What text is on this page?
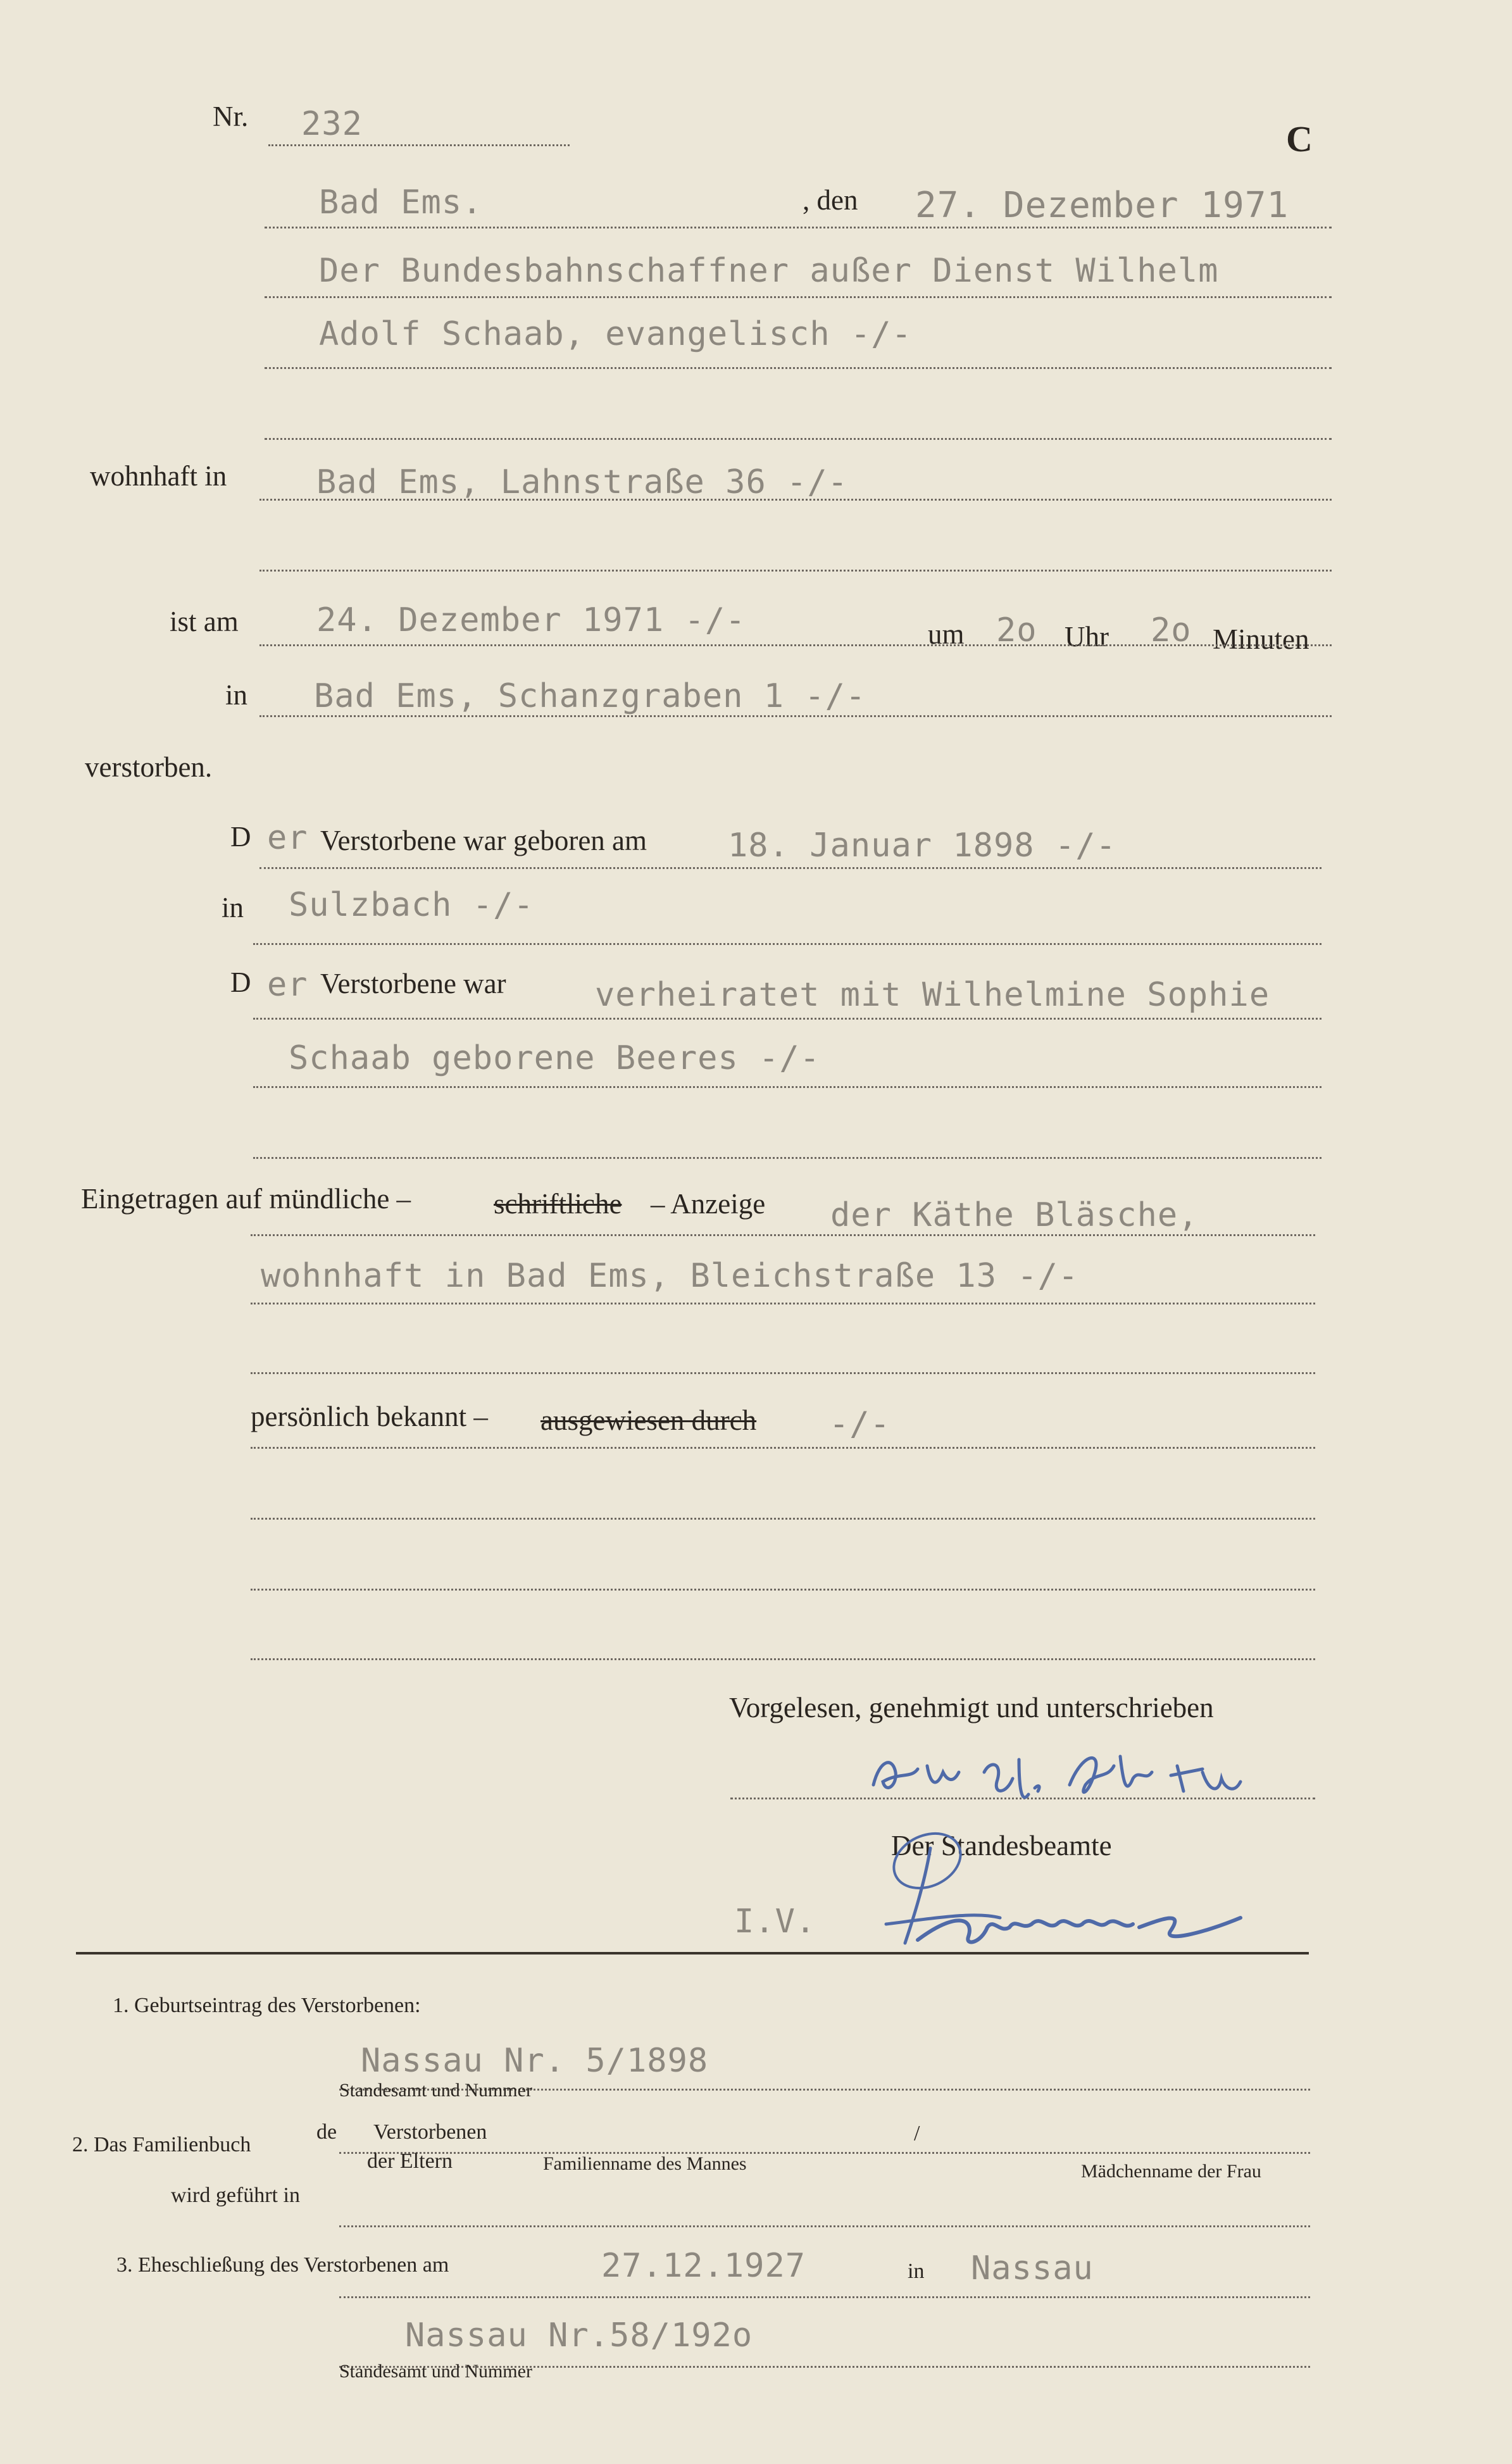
Nr. 232	C
Bad Ems.	, den 27. Dezember 1971
Der Bundesbahnschaffner außer Dienst Wilhelm
Adolf Schaab, evangelisch -/-
wohnhaft in	Bad Ems, Lahnstraße 36 -/-
ist am 24. Dezember 1971 -/-	um 2o Uhr 2o Minuten
in Bad Ems, Schanzgraben 1 -/-
verstorben.
D er Verstorbene war geboren am 18. Januar 1898 -/-
in Sulzbach -/-
D er Verstorbene war	verheiratet mit Wilhelmine Sophie
Schaab geborene Beeres -/-
Eingetragen auf mündliche –	schriftliche – Anzeige der Käthe Bläsche,
wohnhaft in Bad Ems, Bleichstraße 13 -/-
persönlich bekannt – ausgewiesen durch -/-
Vorgelesen, genehmigt und unterschrieben
Der Standesbeamte
I.V.
1. Geburtseintrag des Verstorbenen:
Nassau Nr. 5/1898
Standesamt und Nummer
2. Das Familienbuch
de Verstorbenen	/
der Eltern	Familienname des Mannes	Mädchenname der Frau
wird geführt in
3. Eheschließung des Verstorbenen am	27.12.1927	in Nassau
Nassau Nr.58/192o
Standesamt und Nummer
